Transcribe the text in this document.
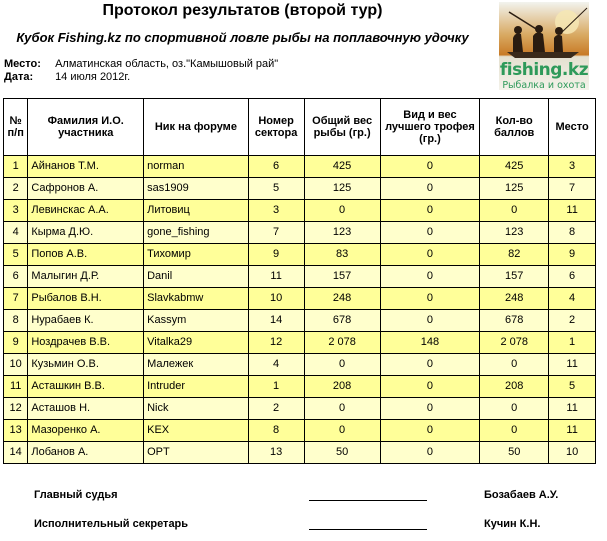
Протокол результатов (второй тур)
Кубок Fishing.kz по спортивной ловле рыбы на поплавочную удочку
Место: Алматинская область, оз."Камышовый рай"
Дата: 14 июля 2012г.	fishing.kz
Рыбалка и охота
№ п/п	Фамилия И.О. участника	Ник на форуме	Номер сектора	Общий вес рыбы (гр.)	Вид и вес лучшего трофея (гр.)	Кол-во баллов	Место
1	Айнанов Т.М.	norman	6	425	0	425	3
2	Сафронов А.	sas1909	5	125	0	125	7
3	Левинскас А.А.	Литовиц	3	0	0	0	11
4	Кырма Д.Ю.	gone_fishing	7	123	0	123	8
5	Попов А.В.	Тихомир	9	83	0	82	9
6	Малыгин Д.Р.	Danil	11	157	0	157	6
7	Рыбалов В.Н.	Slavkabmw	10	248	0	248	4
8	Нурабаев К.	Kassym	14	678	0	678	2
9	Ноздрачев В.В.	Vitalka29	12	2 078	148	2 078	1
10	Кузьмин О.В.	Малежек	4	0	0	0	11
11	Асташкин В.В.	Intruder	1	208	0	208	5
12	Асташов Н.	Nick	2	0	0	0	11
13	Мазоренко А.	KEX	8	0	0	0	11
14	Лобанов А.	OPT	13	50	0	50	10
Главный судья	Бозабаев А.У.
Исполнительный секретарь	Кучин К.Н.
